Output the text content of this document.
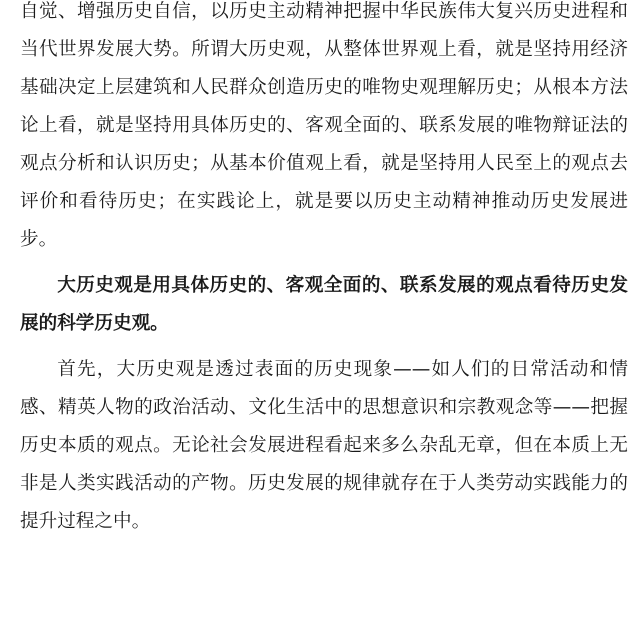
自觉、增强历史自信，以历史主动精神把握中华民族伟大复兴历史进程和当代世界发展大势。所谓大历史观，从整体世界观上看，就是坚持用经济基础决定上层建筑和人民群众创造历史的唯物史观理解历史；从根本方法论上看，就是坚持用具体历史的、客观全面的、联系发展的唯物辩证法的观点分析和认识历史；从基本价值观上看，就是坚持用人民至上的观点去评价和看待历史；在实践论上，就是要以历史主动精神推动历史发展进步。

大历史观是用具体历史的、客观全面的、联系发展的观点看待历史发展的科学历史观。

首先，大历史观是透过表面的历史现象——如人们的日常活动和情感、精英人物的政治活动、文化生活中的思想意识和宗教观念等——把握历史本质的观点。无论社会发展进程看起来多么杂乱无章，但在本质上无非是人类实践活动的产物。历史发展的规律就存在于人类劳动实践能力的提升过程之中。
